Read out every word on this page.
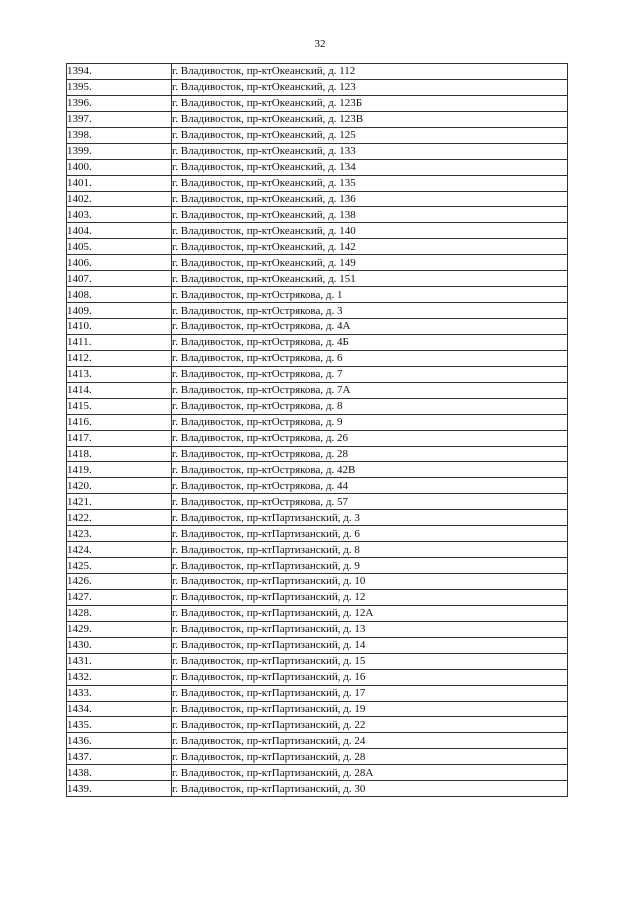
32
1394.	г. Владивосток, пр-ктОкеанский, д. 112
1395.	г. Владивосток, пр-ктОкеанский, д. 123
1396.	г. Владивосток, пр-ктОкеанский, д. 123Б
1397.	г. Владивосток, пр-ктОкеанский, д. 123В
1398.	г. Владивосток, пр-ктОкеанский, д. 125
1399.	г. Владивосток, пр-ктОкеанский, д. 133
1400.	г. Владивосток, пр-ктОкеанский, д. 134
1401.	г. Владивосток, пр-ктОкеанский, д. 135
1402.	г. Владивосток, пр-ктОкеанский, д. 136
1403.	г. Владивосток, пр-ктОкеанский, д. 138
1404.	г. Владивосток, пр-ктОкеанский, д. 140
1405.	г. Владивосток, пр-ктОкеанский, д. 142
1406.	г. Владивосток, пр-ктОкеанский, д. 149
1407.	г. Владивосток, пр-ктОкеанский, д. 151
1408.	г. Владивосток, пр-ктОстрякова, д. 1
1409.	г. Владивосток, пр-ктОстрякова, д. 3
1410.	г. Владивосток, пр-ктОстрякова, д. 4А
1411.	г. Владивосток, пр-ктОстрякова, д. 4Б
1412.	г. Владивосток, пр-ктОстрякова, д. 6
1413.	г. Владивосток, пр-ктОстрякова, д. 7
1414.	г. Владивосток, пр-ктОстрякова, д. 7А
1415.	г. Владивосток, пр-ктОстрякова, д. 8
1416.	г. Владивосток, пр-ктОстрякова, д. 9
1417.	г. Владивосток, пр-ктОстрякова, д. 26
1418.	г. Владивосток, пр-ктОстрякова, д. 28
1419.	г. Владивосток, пр-ктОстрякова, д. 42В
1420.	г. Владивосток, пр-ктОстрякова, д. 44
1421.	г. Владивосток, пр-ктОстрякова, д. 57
1422.	г. Владивосток, пр-ктПартизанский, д. 3
1423.	г. Владивосток, пр-ктПартизанский, д. 6
1424.	г. Владивосток, пр-ктПартизанский, д. 8
1425.	г. Владивосток, пр-ктПартизанский, д. 9
1426.	г. Владивосток, пр-ктПартизанский, д. 10
1427.	г. Владивосток, пр-ктПартизанский, д. 12
1428.	г. Владивосток, пр-ктПартизанский, д. 12А
1429.	г. Владивосток, пр-ктПартизанский, д. 13
1430.	г. Владивосток, пр-ктПартизанский, д. 14
1431.	г. Владивосток, пр-ктПартизанский, д. 15
1432.	г. Владивосток, пр-ктПартизанский, д. 16
1433.	г. Владивосток, пр-ктПартизанский, д. 17
1434.	г. Владивосток, пр-ктПартизанский, д. 19
1435.	г. Владивосток, пр-ктПартизанский, д. 22
1436.	г. Владивосток, пр-ктПартизанский, д. 24
1437.	г. Владивосток, пр-ктПартизанский, д. 28
1438.	г. Владивосток, пр-ктПартизанский, д. 28А
1439.	г. Владивосток, пр-ктПартизанский, д. 30
